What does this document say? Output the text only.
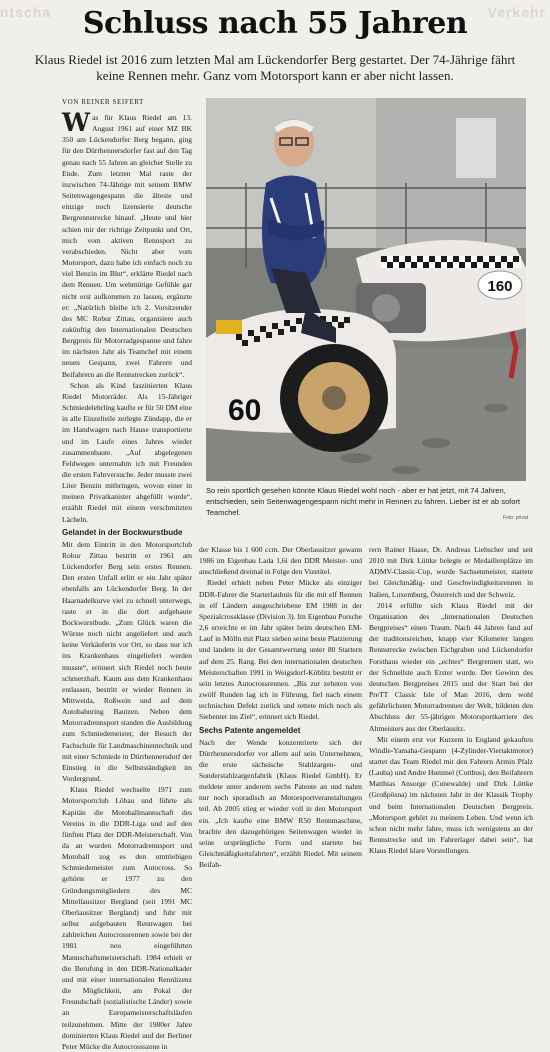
ntscha	Verkehr
Schluss nach 55 Jahren
Klaus Riedel ist 2016 zum letzten Mal am Lückendorfer Berg gestartet. Der 74-Jährige fährt keine Rennen mehr. Ganz vom Motorsport kann er aber nicht lassen.
VON REINER SEIFERT

Was für Klaus Riedel am 13. August 1961 auf einer MZ BK 350 am Lückendorfer Berg begann, ging für den Dürrhennersdorfer fast auf den Tag genau nach 55 Jahren an gleicher Stelle zu Ende. Zum letzten Mal raste der inzwischen 74-Jährige mit seinem BMW Seitenwagengespann die älteste und einzige noch lizensierte deutsche Bergrennstrecke hinauf. „Heute und hier schien mir der richtige Zeitpunkt und Ort, mich vom aktiven Rennsport zu verabschieden. Nicht aber vom Motorsport, dazu habe ich einfach noch zu viel Benzin im Blut“, erklärte Riedel nach dem Rennen. Um wehmütige Gefühle gar nicht erst aufkommen zu lassen, ergänzte er: „Natürlich bleibe ich 2. Vorsitzender des MC Robur Zittau, organisiere auch zukünftig den Internationalen Deutschen Bergpreis für Motorradgespanne und fahre im nächsten Jahr als Teamchef mit einem neuen Gespann, zwei Fahrern und Beifahrern an die Rennstrecken zurück“.

Schon als Kind faszinierten Klaus Riedel Motorräder. Als 15-Jähriger Schmiedelehrling kaufte er für 50 DM eine in alle Einzelteile zerlegte Zündapp, die er im Handwagen nach Hause transportierte und im Laufe eines Jahres wieder zusammenbaute. „Auf abgelegenen Feldwegen unternahm ich mit Freunden die ersten Fahrversuche. Jeder musste zwei Liter Benzin mitbringen, wovon einer in meinen Privatkanister abgefüllt wurde“, erzählt Riedel mit einem verschmitzten Lächeln.

Gelandet in der Bockwurstbude

Mit dem Eintritt in den Motorsportclub Robur Zittau bestritt er 1961 am Lückendorfer Berg sein erstes Rennen. Den ersten Unfall erlitt er ein Jahr später ebenfalls am Lückendorfer Berg. In der Haarnadelkurve viel zu schnell unterwegs, raste er in die dort aufgebaute Bockwurstbude. „Zum Glück waren die Würste noch nicht angeliefert und auch keine Verkäuferin vor Ort, so dass nur ich ins Krankenhaus eingeliefert werden musste“, erinnert sich Riedel noch heute schmerzhaft. Kaum aus dem Krankenhaus entlassen, bestritt er wieder Rennen in Mittweida, Roßwein und auf dem Autobahnring Bautzen. Neben dem Motorradrennsport standen die Ausbildung zum Schmiedemeister, der Besuch der Fachschule für Landmaschinentechnik und mit einer Schmiede in Dürrhennersdorf der Einstieg in die Selbstständigkeit im Vordergrund.

Klaus Riedel wechselte 1971 zum Motorsportclub Löbau und führte als Kapitän die Motoballmannschaft des Vereins in die DDR-Liga und auf den fünften Platz der DDR-Meisterschaft. Von da an wurden Motorradrennsport und Motoball zog es den umtriebigen Schmiedemeister zum Autocross. So gehörte er 1977 zu den Gründungsmitgliedern des MC Mittellausitzer Bergland (seit 1991 MC Oberlausitzer Bergland) und fuhr mit selbst aufgebauten Rennwagen bei zahlreichen Autocrossrennen sowie bei der 1981 neu eingeführten Mannschaftsmeisterschaft. 1984 erhielt er die Berufung in den DDR-Nationalkader und mit einer internationalen Rennlizenz die Möglichkeit, am Pokal der Freundschaft (sozialistische Länder) sowie an Europameisterschaftsläufen teilzunehmen. Mitte der 1980er Jahre dominierten Klaus Riedel und der Berliner Peter Mücke die Autocrossszene in

160
60
So rein sportlich gesehen könnte Klaus Riedel wohl noch - aber er hat jetzt, mit 74 Jahren, entschieden, sein Seitenwagengespann nicht mehr in Rennen zu fahren. Lieber ist er ab sofort Teamchef.
Foto: privat

der Klasse bis 1 600 ccm. Der Oberlausitzer gewann 1986 im Eigenbau Lada 1,6i den DDR Meister- und anschließend dreimal in Folge den Vizetitel.

Riedel erhielt neben Peter Mücke als einziger DDR-Fahrer die Starterlaubnis für die mit elf Rennen in elf Ländern ausgeschriebene EM 1988 in der Spezialcrossklasse (Division 3). Im Eigenbau Porsche 2,6 erreichte er im Jahr später beim deutschen EM-Lauf in Mölln mit Platz sieben seine beste Platzierung und landete in der Gesamtwertung unter 80 Startern auf dem 25. Rang. Bei den internationalen deutschen Meisterschaften 1991 in Weigsdorf-Köblitz bestritt er sein letztes Autocrossrennen. „Bis zur zehnten von zwölf Runden lag ich in Führung, fiel nach einem technischen Defekt zurück und rettete mich noch als Siebenter ins Ziel“, erinnert sich Riedel.

Sechs Patente angemeldet

Nach der Wende konzentrierte sich der Dürrhennersdorfer vor allem auf sein Unternehmen, die erste sächsische Stahlzargen- und Sonderstahlzargenfabrik (Klaus Riedel GmbH). Er meldete unter anderem sechs Patente an und nahm nur noch sporadisch an Motorsportveranstaltungen teil. Ab 2005 stieg er wieder voll in den Motorsport ein. „Ich kaufte eine BMW R50 Rennmaschine, brachte den dazugehörigen Seitenwagen wieder in seine ursprüngliche Form und startete bei Gleichmäßigkeitsfahrten“, erzählt Riedel. Mit seinem Beifah-

rern Rainer Haase, Dr. Andreas Liebscher und seit 2010 mit Dirk Lüttke belegte er Medaillenplätze im ADMV-Classic-Cup, wurde Sachsenmeister, startete bei Gleichmäßig- und Geschwindigkeitsrennen in Italien, Luxemburg, Österreich und der Schweiz.

2014 erfüllte sich Klaus Riedel mit der Organisation des „Internationalen Deutschen Bergpreises“ einen Traum. Nach 44 Jahren fand auf der traditonsreichen, knapp vier Kilometer langen Rennstrecke zwischen Eichgraben und Lückendorfer Forsthaus wieder ein „echtes“ Bergrennen statt, wo der Schnellste auch Erster wurde. Der Gewinn des deutschen Bergpreises 2015 und der Start bei der PreTT Classic Isle of Man 2016, dem wohl gefährlichsten Motorradrennen der Welt, bildeten den Abschluss der 55-jährigen Motorsportkarriere des Altmeisters aus der Oberlausitz.

Mit einem erst vor Kurzem in England gekauften Windle-Yamaha-Gespann (4-Zylinder-Viertaktmotor) startet das Team Riedel mit den Fahrern Armin Pfalz (Lauba) und Andre Hummel (Cottbus), den Beifahrern Matthias Ansorge (Cunewalde) und Dirk Lüttke (Großpösna) im nächsten Jahr in der Klassik Trophy und beim Internationalen Deutschen Bergpreis. „Motorsport gehört zu meinem Leben. Und wenn ich schon nicht mehr fahre, muss ich wenigstens an der Rennstrecke und im Fahrerlager dabei sein“, hat Klaus Riedel klare Vorstellungen.
